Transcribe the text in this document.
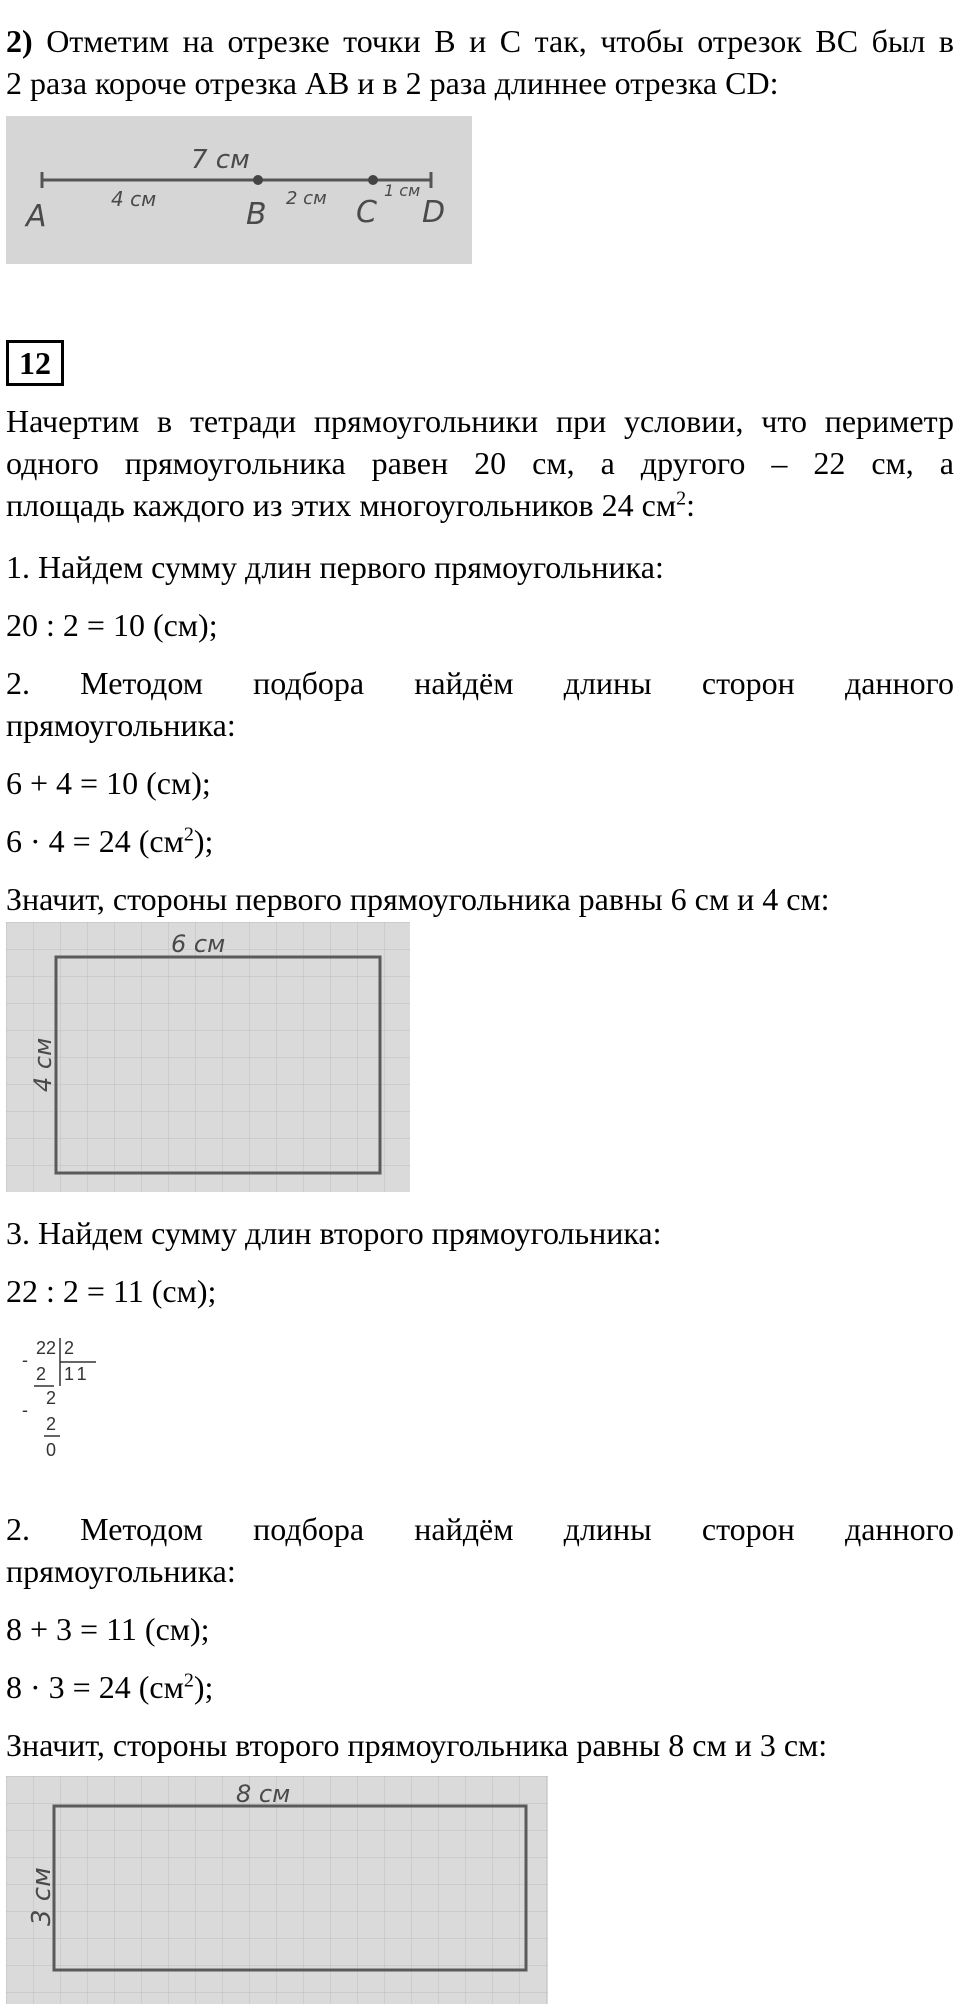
2) Отметим на отрезке точки B и C так, чтобы отрезок BC был в

2 раза короче отрезка AB и в 2 раза длиннее отрезка CD:

7 см
4 см	2 см	1 см
A	B	C D
12

Начертим в тетради прямоугольники при условии, что периметр

одного прямоугольника равен 20 см, а другого – 22 см, а

площадь каждого из этих многоугольников 24 $см^2$:

1. Найдем сумму длин первого прямоугольника:

20 : 2 = 10 (см);

2. Методом подбора найдём длины сторон данного

прямоугольника:

6 + 4 = 10 (см);

6 · 4 = 24 $(см^2)$;

Значит, стороны первого прямоугольника равны 6 см и 4 см:

6 см
4 см

3. Найдем сумму длин второго прямоугольника:

22 : 2 = 11 (см);

22 2
-
2 11
-
2
2
0

2. Методом подбора найдём длины сторон данного

прямоугольника:

8 + 3 = 11 (см);

8 · 3 = 24 $(см^2)$;

Значит, стороны второго прямоугольника равны 8 см и 3 см:

8 см
3 см
